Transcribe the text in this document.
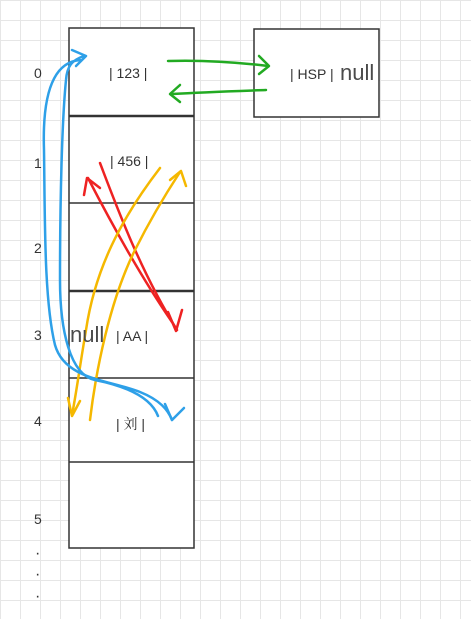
0
1
2
3
4
5
·
·
·
| 123 |
| 456 |
| AA |
| 刘 |
null
| HSP | null
